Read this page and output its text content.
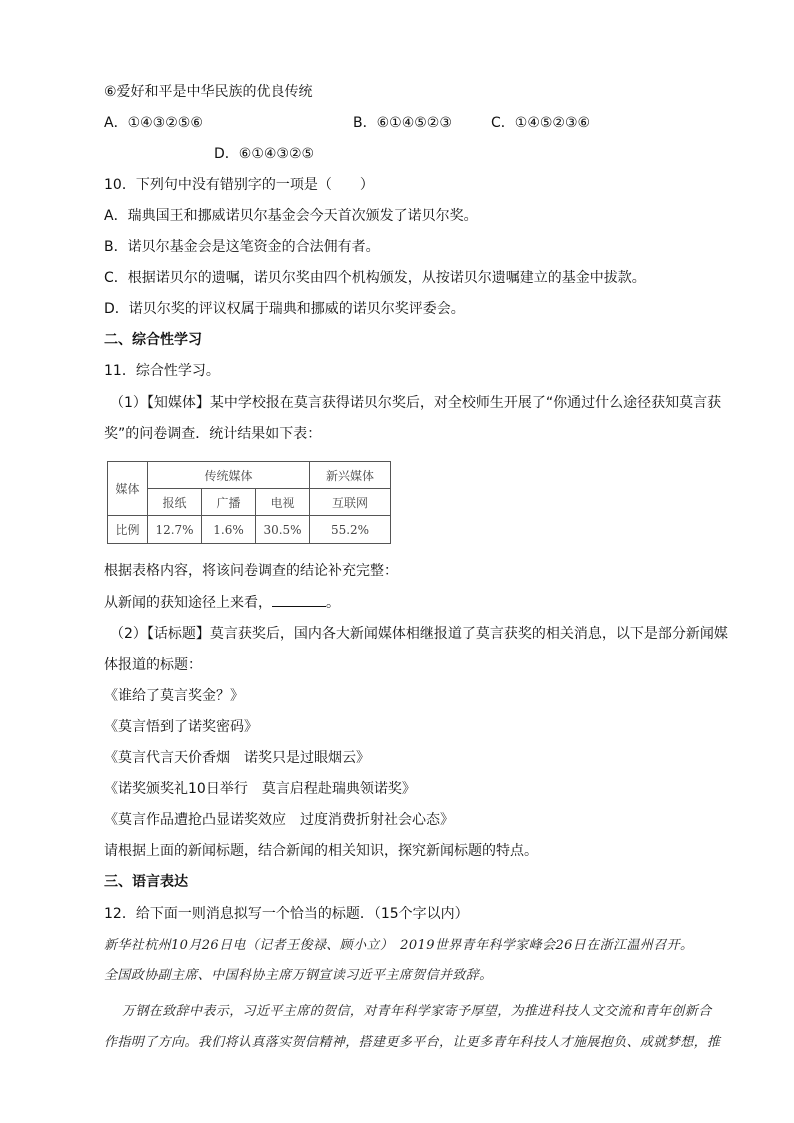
⑥爱好和平是中华民族的优良传统
A．①④③②⑤⑥	B．⑥①④⑤②③	C．①④⑤②③⑥
D．⑥①④③②⑤
10．下列句中没有错别字的一项是（　　）
A．瑞典国王和挪威诺贝尔基金会今天首次颁发了诺贝尔奖。
B．诺贝尔基金会是这笔资金的合法佣有者。
C．根据诺贝尔的遗嘱，诺贝尔奖由四个机构颁发，从按诺贝尔遗嘱建立的基金中拔款。
D．诺贝尔奖的评议权属于瑞典和挪威的诺贝尔奖评委会。
二、综合性学习
11．综合性学习。
（1）【知媒体】某中学校报在莫言获得诺贝尔奖后，对全校师生开展了“你通过什么途径获知莫言获
奖”的问卷调查．统计结果如下表：
媒体	传统媒体			新兴媒体
	报纸	广播	电视	互联网
比例	12.7%	1.6%	30.5%	55.2%
根据表格内容，将该问卷调查的结论补充完整：
从新闻的获知途径上来看，	。
（2）【话标题】莫言获奖后，国内各大新闻媒体相继报道了莫言获奖的相关消息，以下是部分新闻媒
体报道的标题：
《谁给了莫言奖金？》
《莫言悟到了诺奖密码》
《莫言代言天价香烟　诺奖只是过眼烟云》
《诺奖颁奖礼10日举行　莫言启程赴瑞典领诺奖》
《莫言作品遭抢凸显诺奖效应　过度消费折射社会心态》
请根据上面的新闻标题，结合新闻的相关知识，探究新闻标题的特点。
三、语言表达
12．给下面一则消息拟写一个恰当的标题．（15个字以内）
新华社杭州10月26日电（记者王俊禄、顾小立）　2019世界青年科学家峰会26日在浙江温州召开。
全国政协副主席、中国科协主席万钢宣读习近平主席贺信并致辞。
万钢在致辞中表示，习近平主席的贺信，对青年科学家寄予厚望，为推进科技人文交流和青年创新合
作指明了方向。我们将认真落实贺信精神，搭建更多平台，让更多青年科技人才施展抱负、成就梦想，推
